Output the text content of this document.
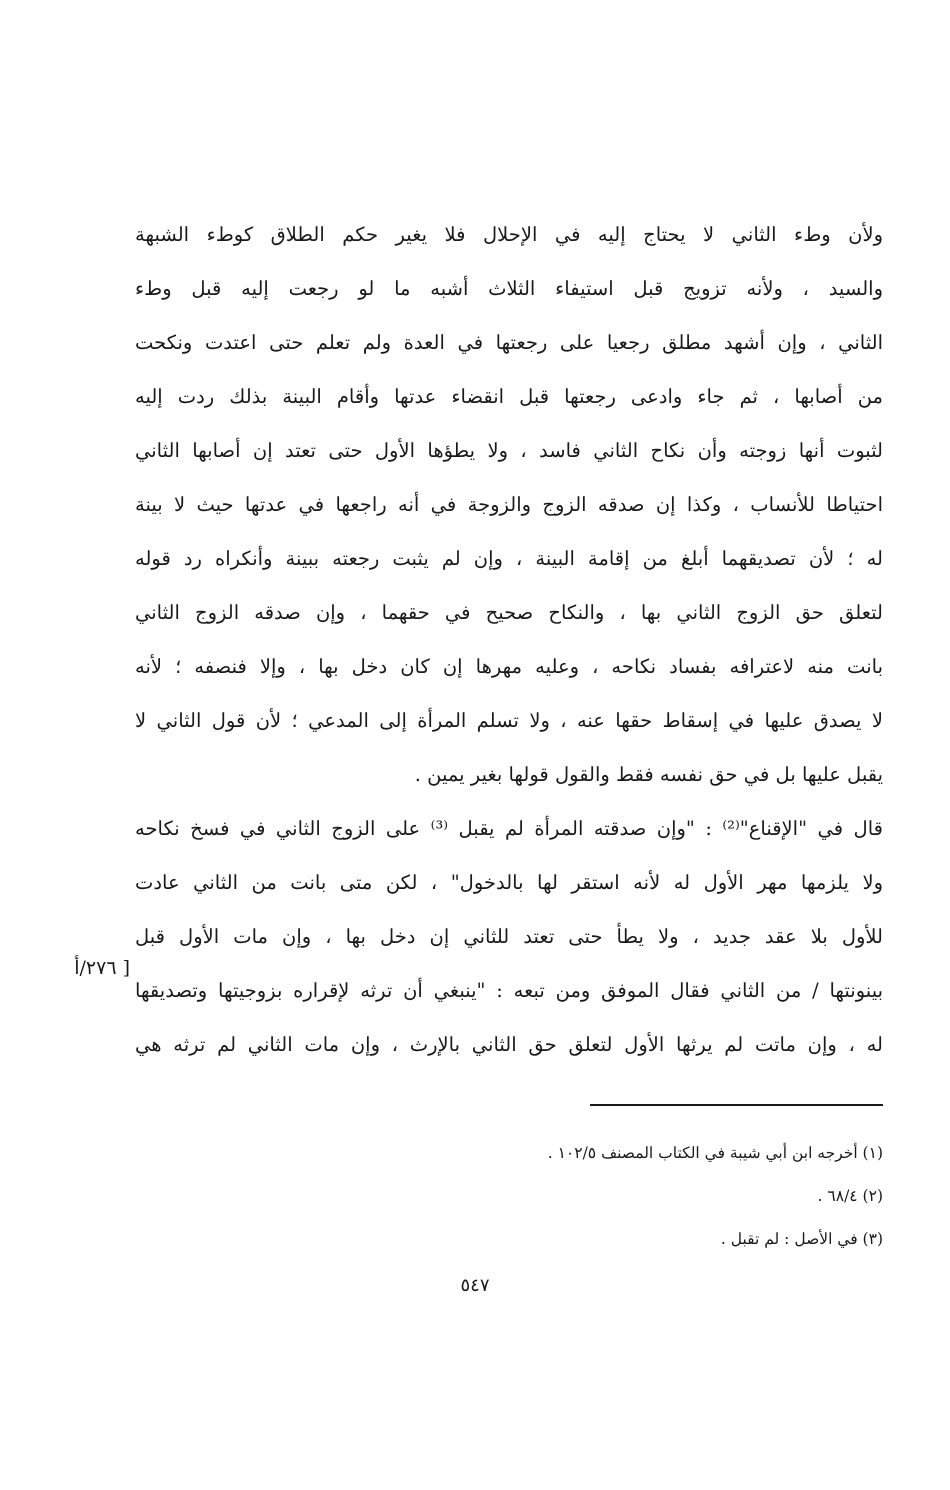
ولأن وطء الثاني لا يحتاج إليه في الإحلال فلا يغير حكم الطلاق كوطء الشبهة
والسيد ، ولأنه تزويج قبل استيفاء الثلاث أشبه ما لو رجعت إليه قبل وطء
الثاني ، وإن أشهد مطلق رجعيا على رجعتها في العدة ولم تعلم حتى اعتدت ونكحت
من أصابها ، ثم جاء وادعى رجعتها قبل انقضاء عدتها وأقام البينة بذلك ردت إليه
لثبوت أنها زوجته وأن نكاح الثاني فاسد ، ولا يطؤها الأول حتى تعتد إن أصابها الثاني
احتياطا للأنساب ، وكذا إن صدقه الزوج والزوجة في أنه راجعها في عدتها حيث لا بينة
له ؛ لأن تصديقهما أبلغ من إقامة البينة ، وإن لم يثبت رجعته ببينة وأنكراه رد قوله
لتعلق حق الزوج الثاني بها ، والنكاح صحيح في حقهما ، وإن صدقه الزوج الثاني
بانت منه لاعترافه بفساد نكاحه ، وعليه مهرها إن كان دخل بها ، وإلا فنصفه ؛ لأنه
لا يصدق عليها في إسقاط حقها عنه ، ولا تسلم المرأة إلى المدعي ؛ لأن قول الثاني لا
يقبل عليها بل في حق نفسه فقط والقول قولها بغير يمين .
قال في "الإقناع"⁽²⁾ : "وإن صدقته المرأة لم يقبل ⁽³⁾ على الزوج الثاني في فسخ نكاحه
ولا يلزمها مهر الأول له لأنه استقر لها بالدخول" ، لكن متى بانت من الثاني عادت
للأول بلا عقد جديد ، ولا يطأ حتى تعتد للثاني إن دخل بها ، وإن مات الأول قبل
بينونتها / من الثاني فقال الموفق ومن تبعه : "ينبغي أن ترثه لإقراره بزوجيتها وتصديقها
له ، وإن ماتت لم يرثها الأول لتعلق حق الثاني بالإرث ، وإن مات الثاني لم ترثه هي
[ ٢٧٦/أ
(١) أخرجه ابن أبي شيبة في الكتاب المصنف ١٠٢/٥ .
(٢) ٦٨/٤ .
(٣) في الأصل : لم تقبل .
٥٤٧
